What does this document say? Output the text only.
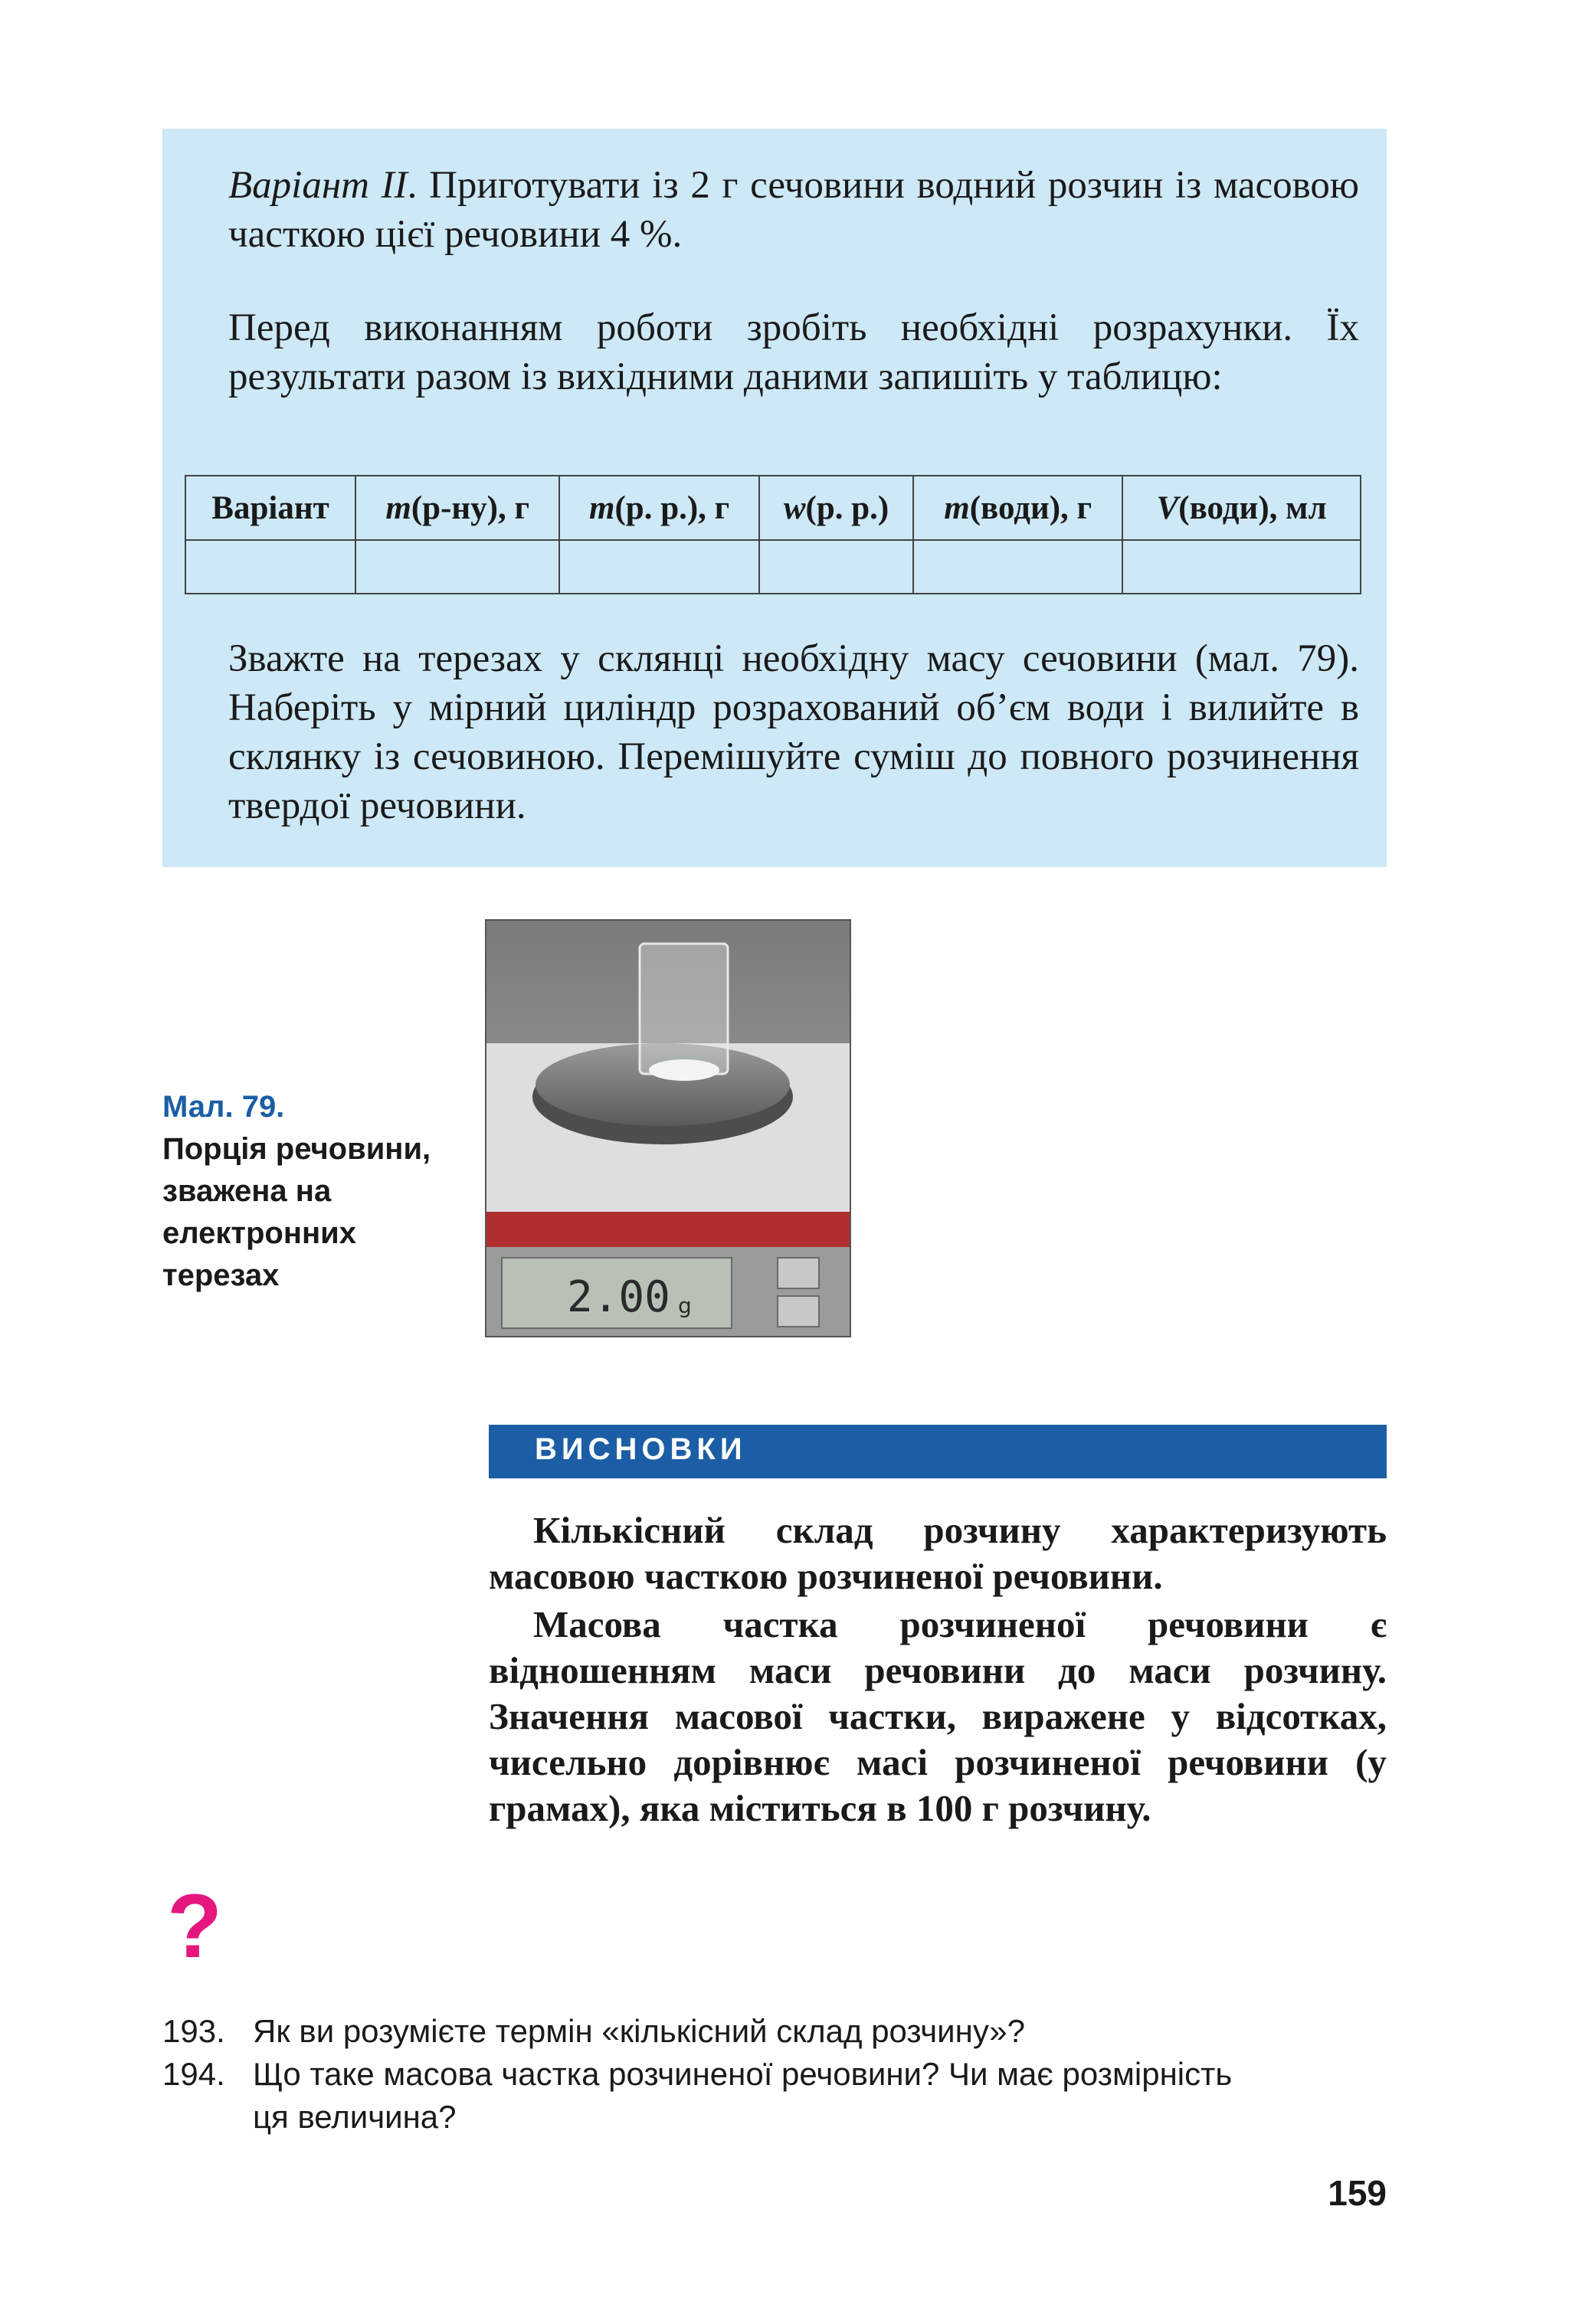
Варіант II. Приготувати із 2 г сечовини водний розчин із масовою часткою цієї речовини 4 %.

Перед виконанням роботи зробіть необхідні розрахунки. Їх результати разом із вихідними даними запишіть у таблицю:

Варіант	m(р-ну), г	m(р. р.), г	w(р. р.)	m(води), г	V(води), мл

Зважте на терезах у склянці необхідну масу сечовини (мал. 79). Наберіть у мірний циліндр розрахований об’єм води і вилийте в склянку із сечовиною. Перемішуйте суміш до повного розчинення твердої речовини.

2.00 g
Мал. 79.
Порція речовини, зважена на електронних терезах
ВИСНОВКИ

Кількісний склад розчину характеризують масовою часткою розчиненої речовини.

Масова частка розчиненої речовини є відношенням маси речовини до маси розчину. Значення масової частки, виражене у відсотках, чисельно дорівнює масі розчиненої речовини (у грамах), яка міститься в 100 г розчину.

?
193. Як ви розумієте термін «кількісний склад розчину»?
194. Що таке масова частка розчиненої речовини? Чи має розмірність
ця величина?
159
